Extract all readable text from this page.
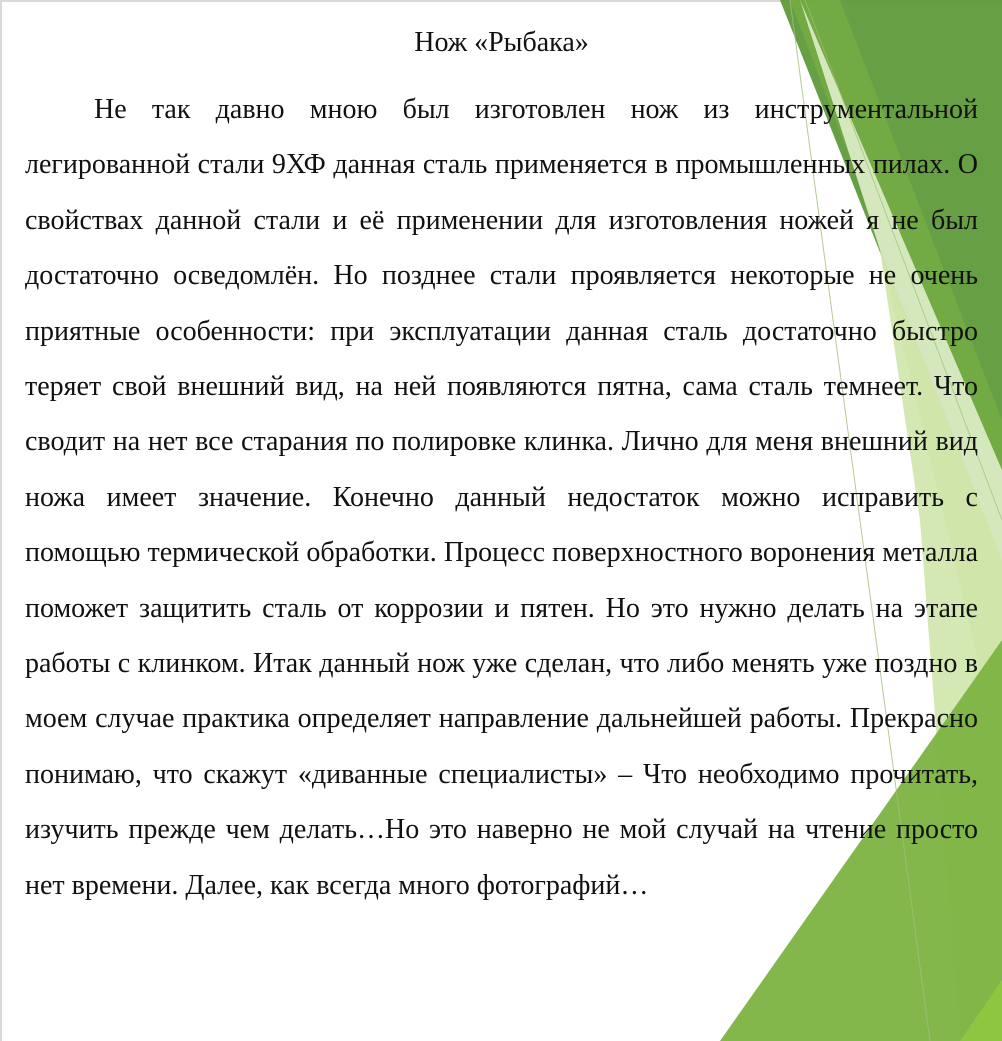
Нож «Рыбака»

Не так давно мною был изготовлен нож из инструментальной легированной стали 9ХФ данная сталь применяется в промышленных пилах. О свойствах данной стали и её применении для изготовления ножей я не был достаточно осведомлён. Но позднее стали проявляется некоторые не очень приятные особенности: при эксплуатации данная сталь достаточно быстро теряет свой внешний вид, на ней появляются пятна, сама сталь темнеет. Что сводит на нет все старания по полировке клинка. Лично для меня внешний вид ножа имеет значение. Конечно данный недостаток можно исправить с помощью термической обработки. Процесс поверхностного воронения металла поможет защитить сталь от коррозии и пятен. Но это нужно делать на этапе работы с клинком. Итак данный нож уже сделан, что либо менять уже поздно в моем случае практика определяет направление дальнейшей работы. Прекрасно понимаю, что скажут «диванные специалисты» – Что необходимо прочитать, изучить прежде чем делать…Но это наверно не мой случай на чтение просто нет времени. Далее, как всегда много фотографий…
